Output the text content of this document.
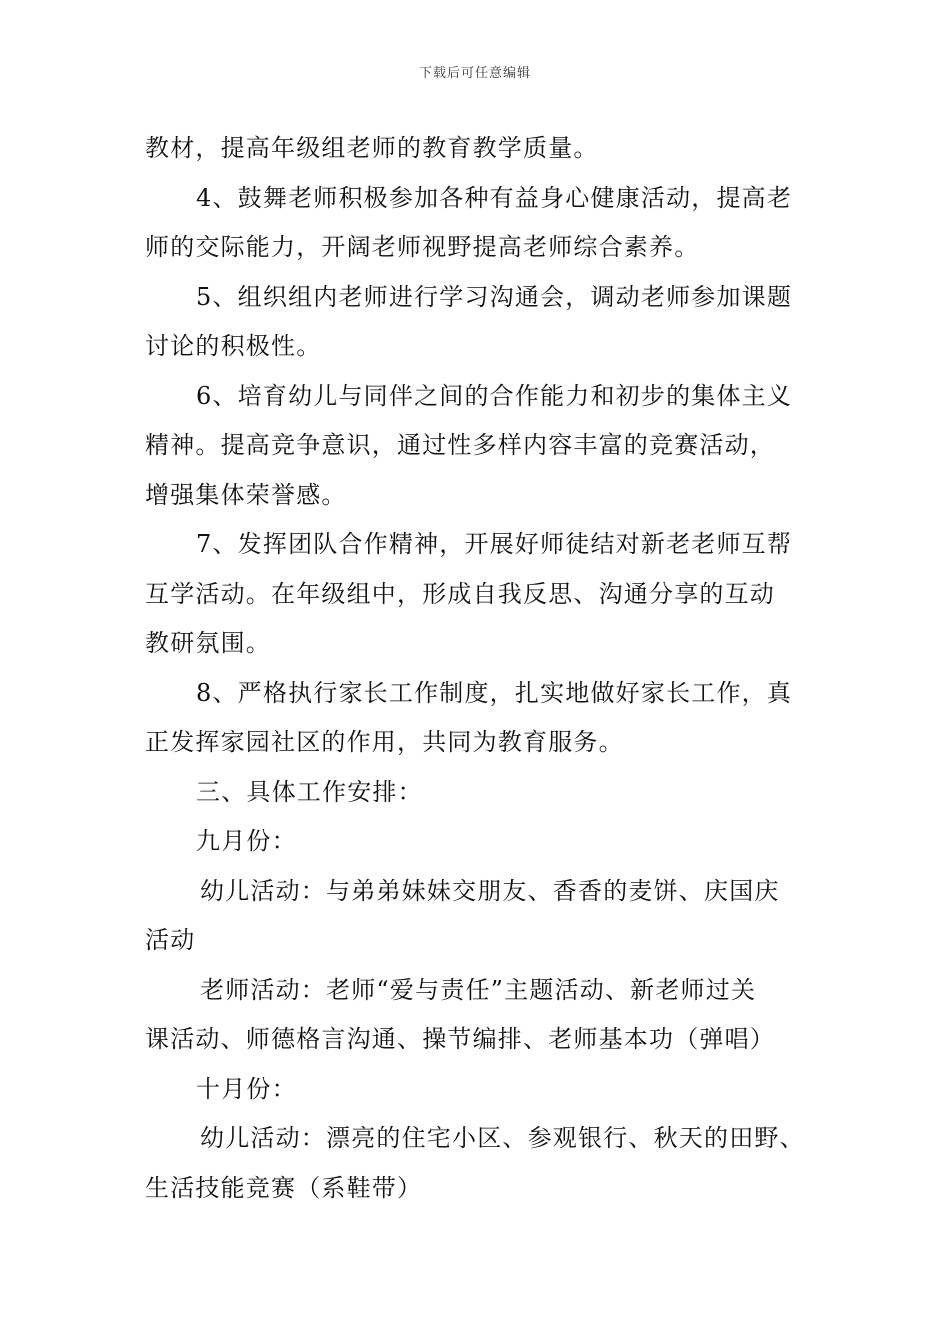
下载后可任意编辑
教材，提高年级组老师的教育教学质量。
4、鼓舞老师积极参加各种有益身心健康活动，提高老
师的交际能力，开阔老师视野提高老师综合素养。
5、组织组内老师进行学习沟通会，调动老师参加课题
讨论的积极性。
6、培育幼儿与同伴之间的合作能力和初步的集体主义
精神。提高竞争意识，通过性多样内容丰富的竞赛活动，
增强集体荣誉感。
7、发挥团队合作精神，开展好师徒结对新老老师互帮
互学活动。在年级组中，形成自我反思、沟通分享的互动
教研氛围。
8、严格执行家长工作制度，扎实地做好家长工作，真
正发挥家园社区的作用，共同为教育服务。
三、具体工作安排：
九月份：
幼儿活动：与弟弟妹妹交朋友、香香的麦饼、庆国庆
活动
老师活动：老师“爱与责任”主题活动、新老师过关
课活动、师德格言沟通、操节编排、老师基本功（弹唱）
十月份：
幼儿活动：漂亮的住宅小区、参观银行、秋天的田野、
生活技能竞赛（系鞋带）
